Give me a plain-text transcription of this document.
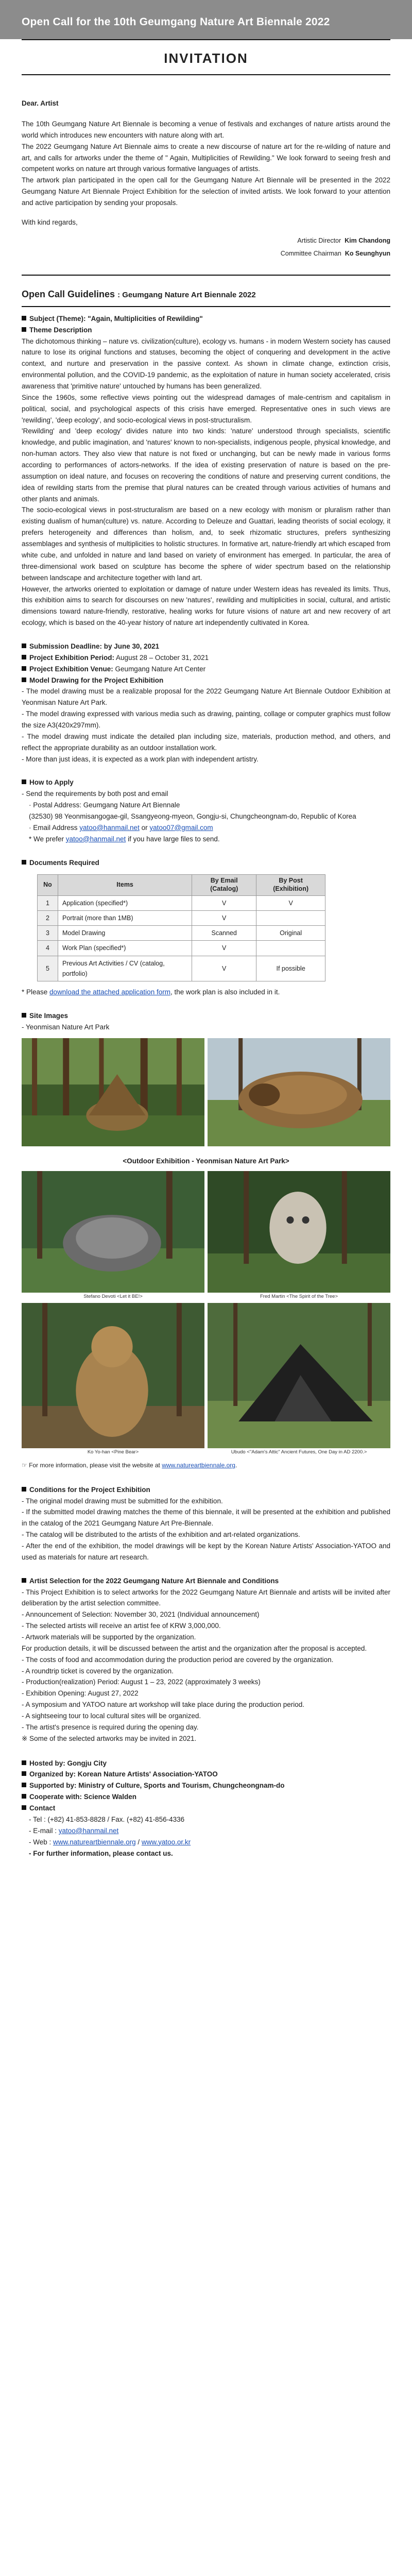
Open Call for the 10th Geumgang Nature Art Biennale 2022
INVITATION

Dear. Artist

The 10th Geumgang Nature Art Biennale is becoming a venue of festivals and exchanges of nature artists around the world which introduces new encounters with nature along with art.

The 2022 Geumgang Nature Art Biennale aims to create a new discourse of nature art for the re-wilding of nature and art, and calls for artworks under the theme of " Again, Multiplicities of Rewilding." We look forward to seeing fresh and competent works on nature art through various formative languages of artists.

The artwork plan participated in the open call for the Geumgang Nature Art Biennale will be presented in the 2022 Geumgang Nature Art Biennale Project Exhibition for the selection of invited artists. We look forward to your attention and active participation by sending your proposals.

With kind regards,

Artistic Director Kim Chandong
Committee Chairman Ko Seunghyun
Open Call Guidelines : Geumgang Nature Art Biennale 2022
Subject (Theme): "Again, Multiplicities of Rewilding"
Theme Description

The dichotomous thinking – nature vs. civilization(culture), ecology vs. humans - in modern Western society has caused nature to lose its original functions and statuses, becoming the object of conquering and development in the active context, and nurture and preservation in the passive context. As shown in climate change, extinction crisis, environmental pollution, and the COVID-19 pandemic, as the exploitation of nature in human society accelerated, crisis awareness that 'primitive nature' untouched by humans has been generalized.

Since the 1960s, some reflective views pointing out the widespread damages of male-centrism and capitalism in political, social, and psychological aspects of this crisis have emerged. Representative ones in such views are 'rewilding', 'deep ecology', and socio-ecological views in post-structuralism.

'Rewilding' and 'deep ecology' divides nature into two kinds: 'nature' understood through specialists, scientific knowledge, and public imagination, and 'natures' known to non-specialists, indigenous people, physical knowledge, and non-human actors. They also view that nature is not fixed or unchanging, but can be newly made in various forms according to performances of actors-networks. If the idea of existing preservation of nature is based on the pre-assumption on ideal nature, and focuses on recovering the conditions of nature and preserving current conditions, the idea of rewilding starts from the premise that plural natures can be created through various activities of humans and other plants and animals.

The socio-ecological views in post-structuralism are based on a new ecology with monism or pluralism rather than existing dualism of human(culture) vs. nature. According to Deleuze and Guattari, leading theorists of social ecology, it prefers heterogeneity and differences than holism, and, to seek rhizomatic structures, prefers synthesizing assemblages and synthesis of multiplicities to holistic structures. In formative art, nature-friendly art which escaped from white cube, and unfolded in nature and land based on variety of environment has emerged. In particular, the area of three-dimensional work based on sculpture has become the sphere of wider spectrum based on the relationship between landscape and architecture together with land art.

However, the artworks oriented to exploitation or damage of nature under Western ideas has revealed its limits. Thus, this exhibition aims to search for discourses on new 'natures', rewilding and multiplicities in social, cultural, and artistic dimensions toward nature-friendly, restorative, healing works for future visions of nature art and new recovery of art ecology, which is based on the 40-year history of nature art independently cultivated in Korea.

Submission Deadline: by June 30, 2021
Project Exhibition Period: August 28 – October 31, 2021
Project Exhibition Venue: Geumgang Nature Art Center
Model Drawing for the Project Exhibition
- The model drawing must be a realizable proposal for the 2022 Geumgang Nature Art Biennale Outdoor Exhibition at Yeonmisan Nature Art Park.
- The model drawing expressed with various media such as drawing, painting, collage or computer graphics must follow the size A3(420x297mm).
- The model drawing must indicate the detailed plan including size, materials, production method, and others, and reflect the appropriate durability as an outdoor installation work.
- More than just ideas, it is expected as a work plan with independent artistry.
How to Apply
- Send the requirements by both post and email
· Postal Address: Geumgang Nature Art Biennale
(32530) 98 Yeonmisangogae-gil, Ssangyeong-myeon, Gongju-si, Chungcheongnam-do, Republic of Korea
· Email Address yatoo@hanmail.net or yatoo07@gmail.com
* We prefer yatoo@hanmail.net if you have large files to send.
Documents Required
No	Items	By Email (Catalog)	By Post (Exhibition)
1	Application (specified*)	V	V
2	Portrait (more than 1MB)	V	
3	Model Drawing	Scanned	Original
4	Work Plan (specified*)	V	
5	Previous Art Activities / CV (catalog, portfolio)	V	If possible
* Please download the attached application form, the work plan is also included in it.
Site Images
- Yeonmisan Nature Art Park
<Outdoor Exhibition - Yeonmisan Nature Art Park>
Stefano Devoti <Let it BE!>	Fred Martin <The Spirit of the Tree>
Ko Yo-han <Pine Bear>	Ubudo <"Adam's Attic" Ancient Futures, One Day in AD 2200.>
☞ For more information, please visit the website at www.natureartbiennale.org.
Conditions for the Project Exhibition
- The original model drawing must be submitted for the exhibition.
- If the submitted model drawing matches the theme of this biennale, it will be presented at the exhibition and published in the catalog of the 2021 Geumgang Nature Art Pre-Biennale.
- The catalog will be distributed to the artists of the exhibition and art-related organizations.
- After the end of the exhibition, the model drawings will be kept by the Korean Nature Artists' Association-YATOO and used as materials for nature art research.
Artist Selection for the 2022 Geumgang Nature Art Biennale and Conditions
- This Project Exhibition is to select artworks for the 2022 Geumgang Nature Art Biennale and artists will be invited after deliberation by the artist selection committee.
- Announcement of Selection: November 30, 2021 (Individual announcement)
- The selected artists will receive an artist fee of KRW 3,000,000.
- Artwork materials will be supported by the organization.
For production details, it will be discussed between the artist and the organization after the proposal is accepted.
- The costs of food and accommodation during the production period are covered by the organization.
- A roundtrip ticket is covered by the organization.
- Production(realization) Period: August 1 – 23, 2022 (approximately 3 weeks)
- Exhibition Opening: August 27, 2022
- A symposium and YATOO nature art workshop will take place during the production period.
- A sightseeing tour to local cultural sites will be organized.
- The artist's presence is required during the opening day.
※ Some of the selected artworks may be invited in 2021.
Hosted by: Gongju City
Organized by: Korean Nature Artists' Association-YATOO
Supported by: Ministry of Culture, Sports and Tourism, Chungcheongnam-do
Cooperate with: Science Walden
Contact
- Tel : (+82) 41-853-8828 / Fax. (+82) 41-856-4336
- E-mail : yatoo@hanmail.net
- Web : www.natureartbiennale.org / www.yatoo.or.kr
- For further information, please contact us.
